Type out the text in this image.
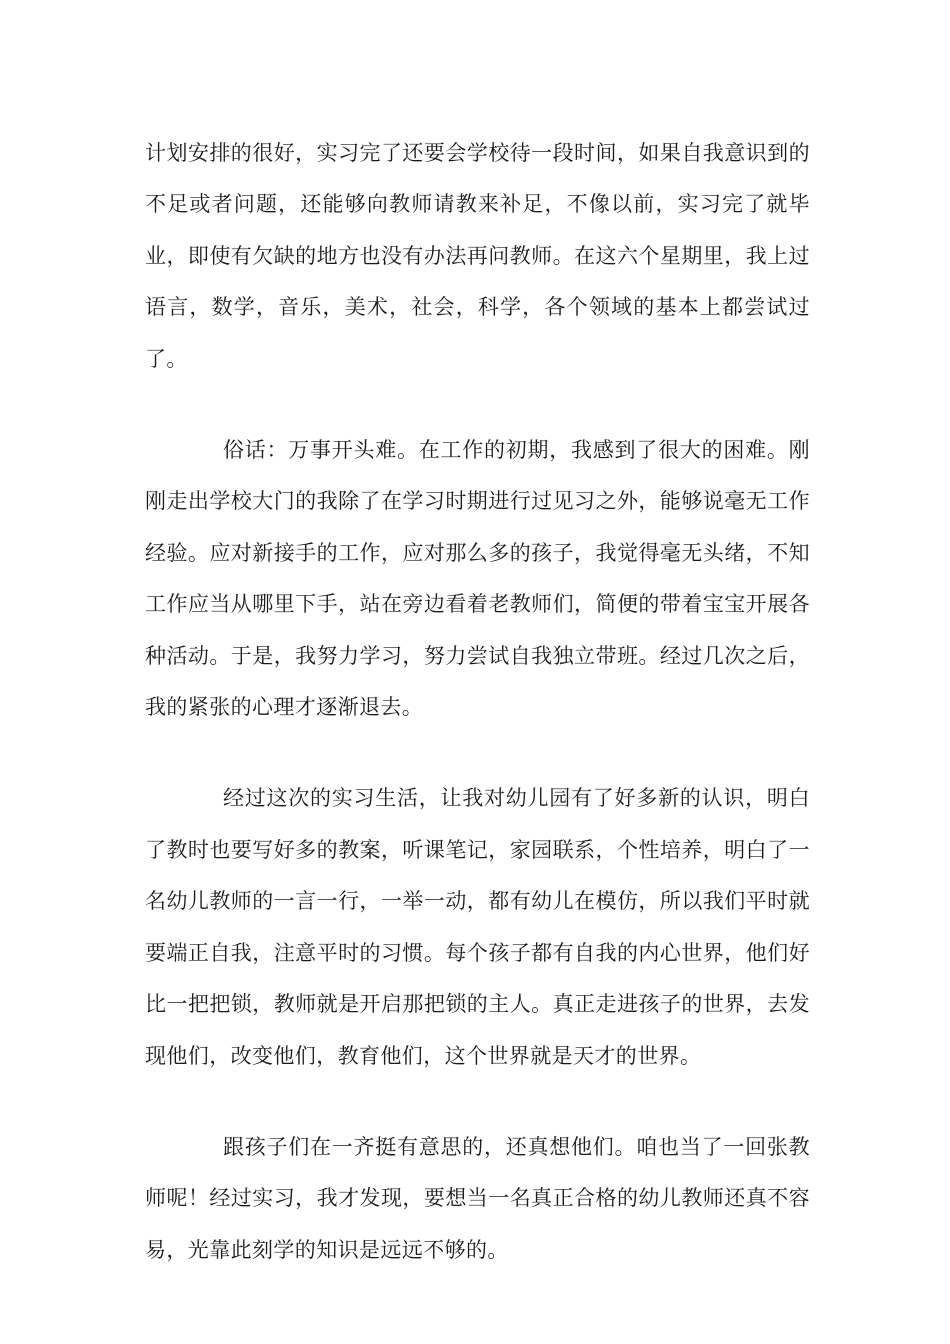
计划安排的很好，实习完了还要会学校待一段时间，如果自我意识到的不足或者问题，还能够向教师请教来补足，不像以前，实习完了就毕业，即使有欠缺的地方也没有办法再问教师。在这六个星期里，我上过语言，数学，音乐，美术，社会，科学，各个领域的基本上都尝试过了。

俗话：万事开头难。在工作的初期，我感到了很大的困难。刚刚走出学校大门的我除了在学习时期进行过见习之外，能够说毫无工作经验。应对新接手的工作，应对那么多的孩子，我觉得毫无头绪，不知工作应当从哪里下手，站在旁边看着老教师们，简便的带着宝宝开展各种活动。于是，我努力学习，努力尝试自我独立带班。经过几次之后，我的紧张的心理才逐渐退去。

经过这次的实习生活，让我对幼儿园有了好多新的认识，明白了教时也要写好多的教案，听课笔记，家园联系，个性培养，明白了一名幼儿教师的一言一行，一举一动，都有幼儿在模仿，所以我们平时就要端正自我，注意平时的习惯。每个孩子都有自我的内心世界，他们好比一把把锁，教师就是开启那把锁的主人。真正走进孩子的世界，去发现他们，改变他们，教育他们，这个世界就是天才的世界。

跟孩子们在一齐挺有意思的，还真想他们。咱也当了一回张教师呢！经过实习，我才发现，要想当一名真正合格的幼儿教师还真不容易，光靠此刻学的知识是远远不够的。
